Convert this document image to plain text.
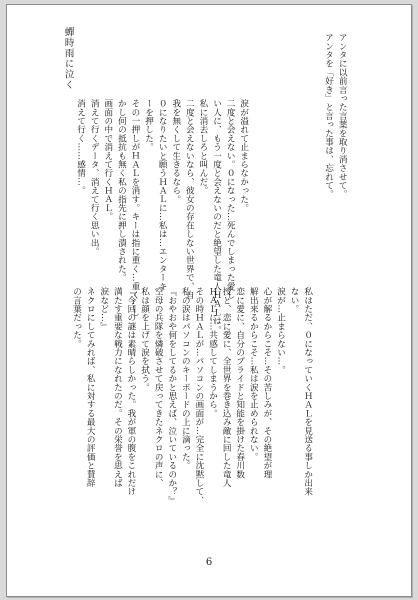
蟬時雨に泣く	アンタに以前言った言葉を取り消させて。
アンタを「好き」と言った事は、忘れて。
涙が溢れて止まらなかった。
二度と会えない。０になった…死んでしまった愛し
い人に、もう一度と会えないのだと絶望した竜人ＨＡＬは。
私に消去しろと叫んだ。
二度と会えないなら、彼女の存在しない世界で、自
我を無くして生きるなら。
０になりたいと願うＨＡＬに…私は…エンターキ
ーを押した。
その一押しがＨＡＬを消す。キーは指に重く…重く…し
かし何の抵抗も無く私の指先に押し潰された。
画面の中で消えて行くＨＡＬ。
消えて行くデータ、消えて行く思い出。
消えて行く……感情…。
私はただ、０になっていくＨＡＬを見送る事しか出来
ない。
涙が…止まらない…。
心が解るからこそ…その苦しみが、その絶望が理
解出来るからこそ…私は涙を止められない。
恋に愛に、自分のプライドと知能を掛けた春川数
授と、恋に愛に、全世界を巻き込み敵に回した竜人
ＨＡＬに…共感してしまうから。
その時ＨＡＬが…パソコンの画面が…完全に沈黙して、
私の涙はパソコンのキーボードの上に滴った。
『おやおや何をしてるかと思えば、泣いているのか？』
空母の兵隊を燐破させて戻ってきたネクロの声に、
私は顔を上げて涙を拭う。
『今回の謎は素晴らしかった。我が軍の腹をこれだけ
満たす重要な戦力になれたのだ。その栄誉を思えば
涙など…』
ネクロにしてみれば、私に対する最大の評価と賛辞
の言葉だった。
6
